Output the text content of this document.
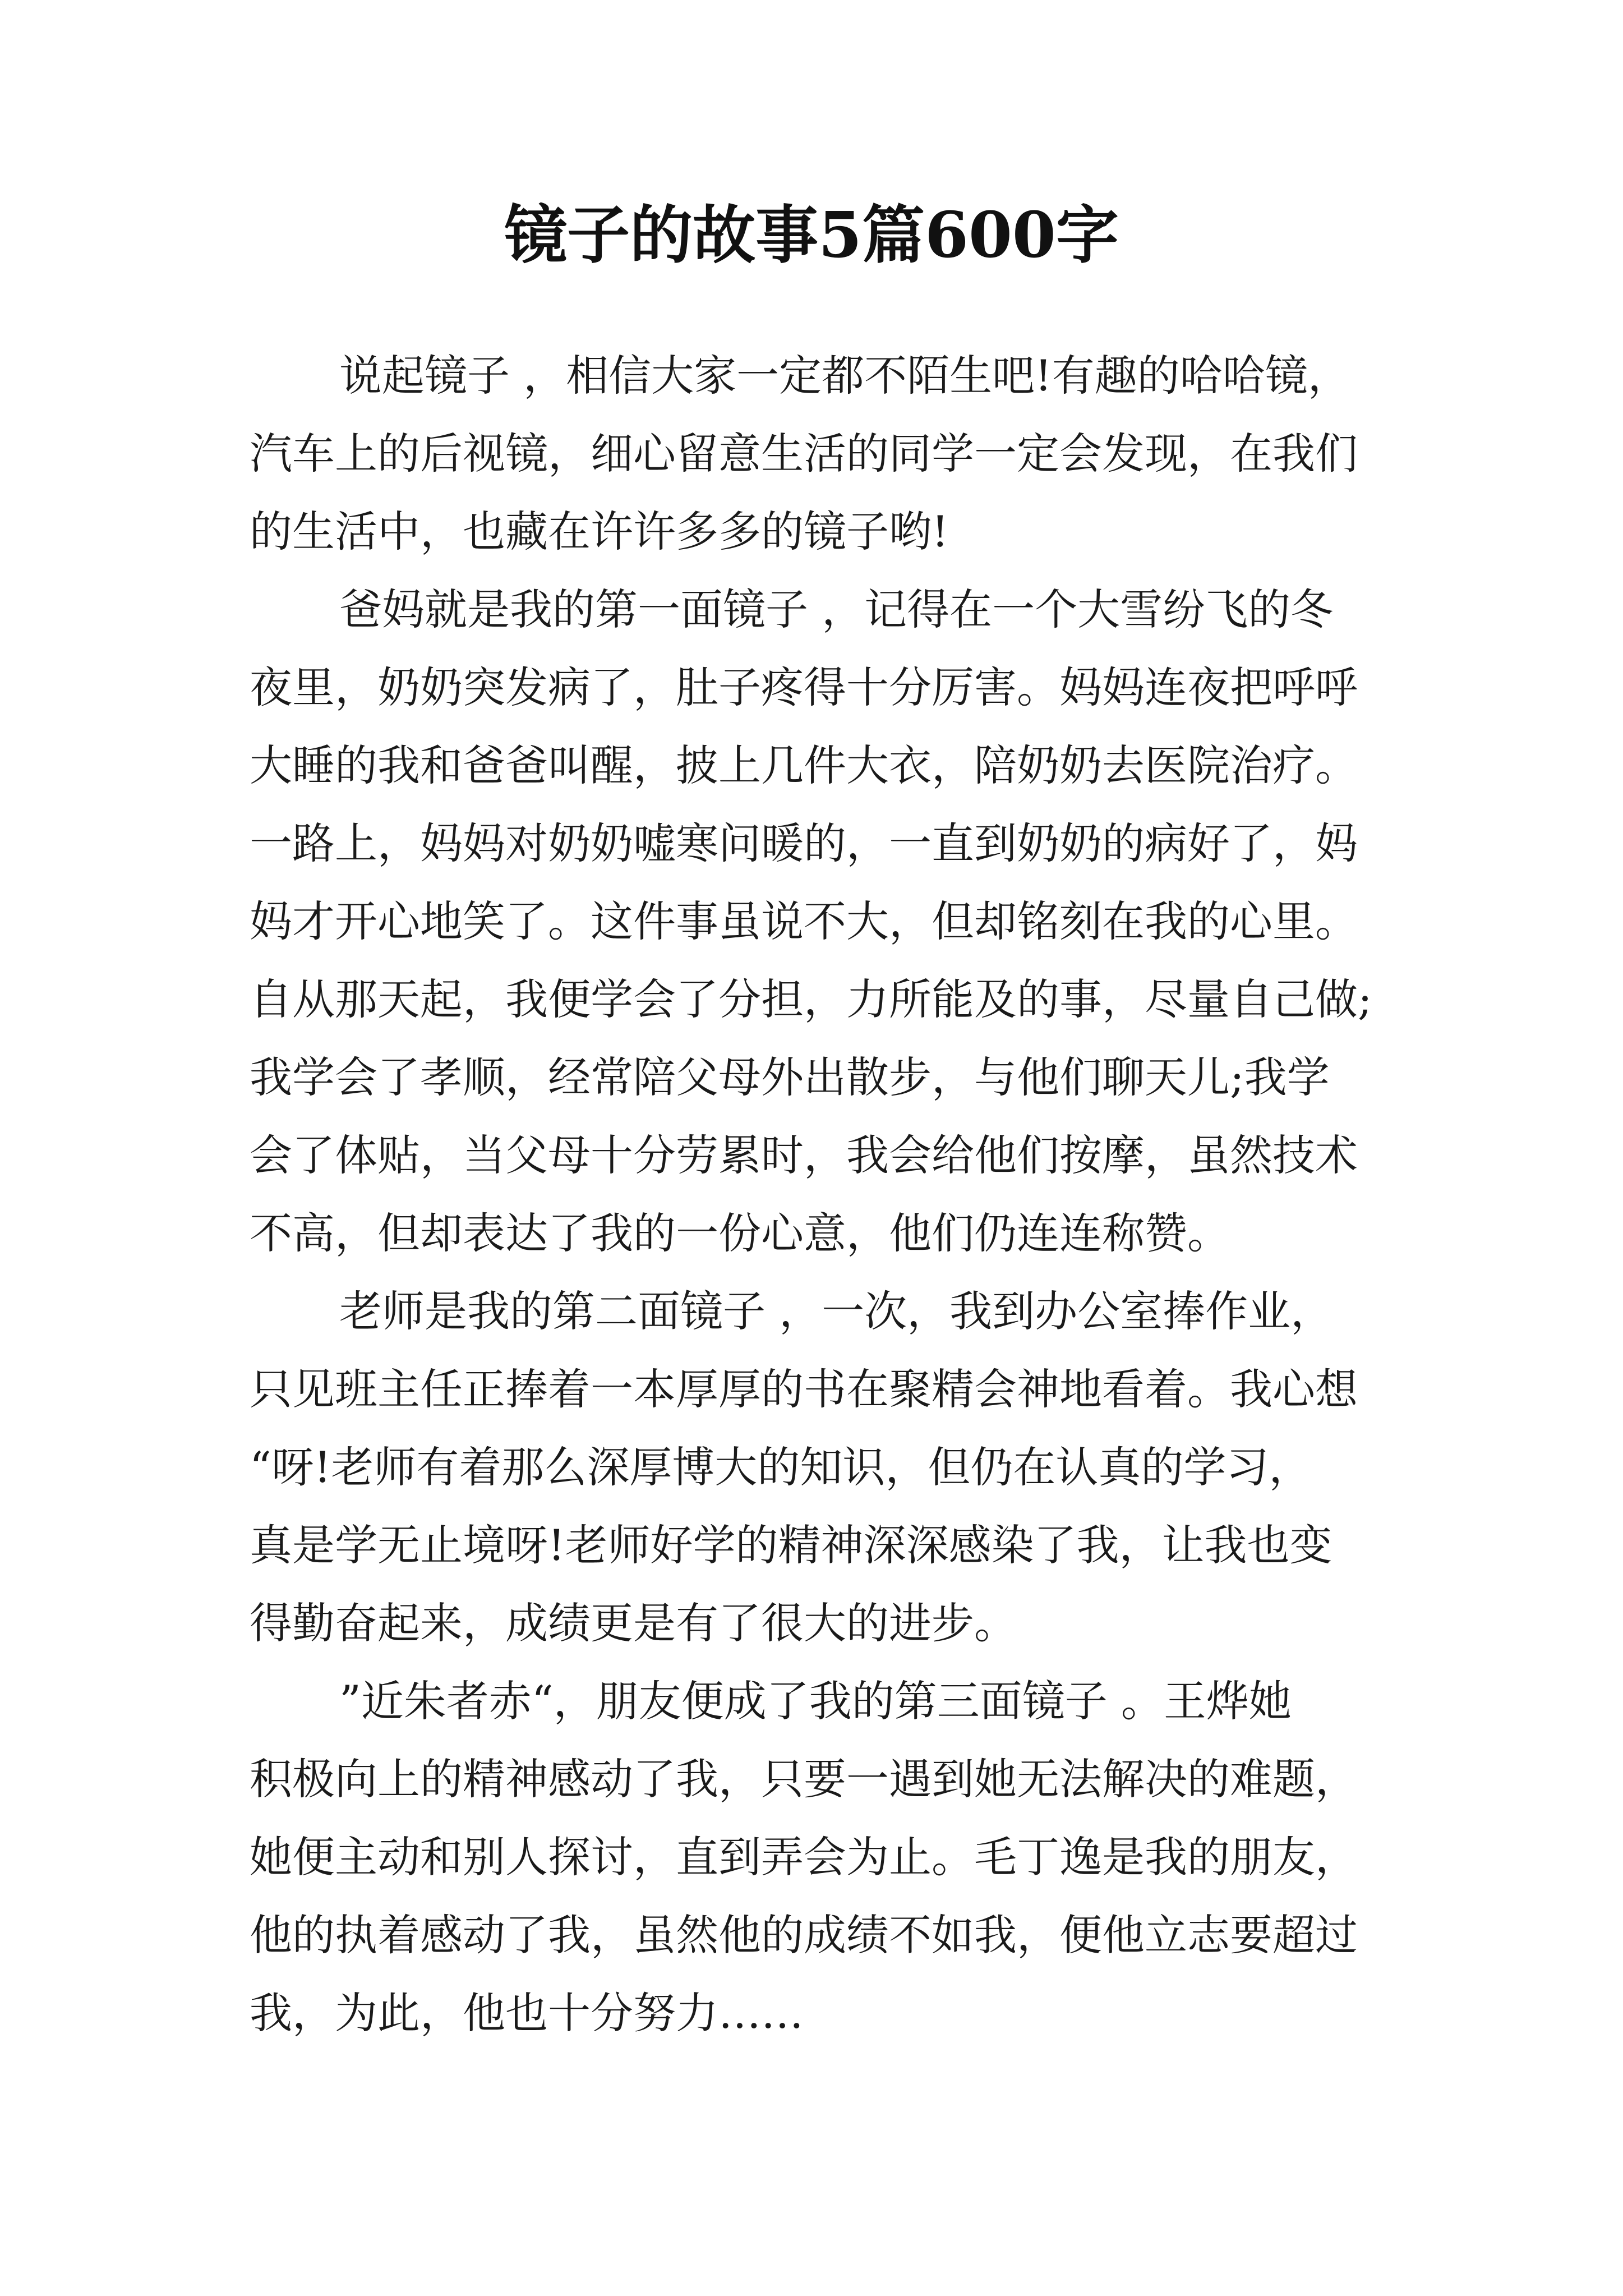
镜子的故事5篇600字
说起镜子 ，相信大家一定都不陌生吧!有趣的哈哈镜，
汽车上的后视镜，细心留意生活的同学一定会发现，在我们
的生活中，也藏在许许多多的镜子哟!
爸妈就是我的第一面镜子 ，记得在一个大雪纷飞的冬
夜里，奶奶突发病了，肚子疼得十分厉害。妈妈连夜把呼呼
大睡的我和爸爸叫醒，披上几件大衣，陪奶奶去医院治疗。
一路上，妈妈对奶奶嘘寒问暖的，一直到奶奶的病好了，妈
妈才开心地笑了。这件事虽说不大，但却铭刻在我的心里。
自从那天起，我便学会了分担，力所能及的事，尽量自己做;
我学会了孝顺，经常陪父母外出散步，与他们聊天儿;我学
会了体贴，当父母十分劳累时，我会给他们按摩，虽然技术
不高，但却表达了我的一份心意，他们仍连连称赞。
老师是我的第二面镜子 ，一次，我到办公室捧作业，
只见班主任正捧着一本厚厚的书在聚精会神地看着。我心想
“呀!老师有着那么深厚博大的知识，但仍在认真的学习，
真是学无止境呀!老师好学的精神深深感染了我，让我也变
得勤奋起来，成绩更是有了很大的进步。
”近朱者赤“，朋友便成了我的第三面镜子 。王烨她
积极向上的精神感动了我，只要一遇到她无法解决的难题，
她便主动和别人探讨，直到弄会为止。毛丁逸是我的朋友，
他的执着感动了我，虽然他的成绩不如我，便他立志要超过
我，为此，他也十分努力……
